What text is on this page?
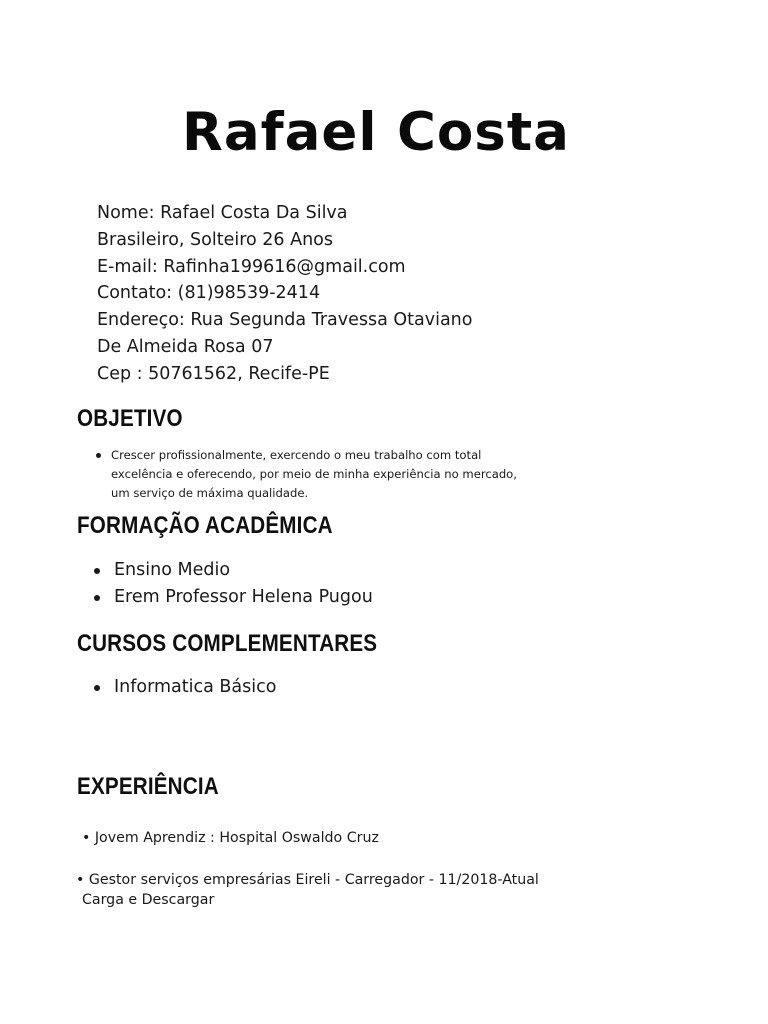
Rafael Costa
Nome: Rafael Costa Da Silva
Brasileiro, Solteiro 26 Anos
E-mail: Rafinha199616@gmail.com
Contato: (81)98539-2414
Endereço: Rua Segunda Travessa Otaviano
De Almeida Rosa 07
Cep : 50761562, Recife-PE
OBJETIVO
Crescer profissionalmente, exercendo o meu trabalho com total excelência e oferecendo, por meio de minha experiência no mercado, um serviço de máxima qualidade.
FORMAÇÃO ACADÊMICA
Ensino Medio
Erem Professor Helena Pugou
CURSOS COMPLEMENTARES
Informatica Básico
EXPERIÊNCIA

• Jovem Aprendiz : Hospital Oswaldo Cruz

• Gestor serviços empresárias Eireli - Carregador - 11/2018-Atual

Carga e Descargar
